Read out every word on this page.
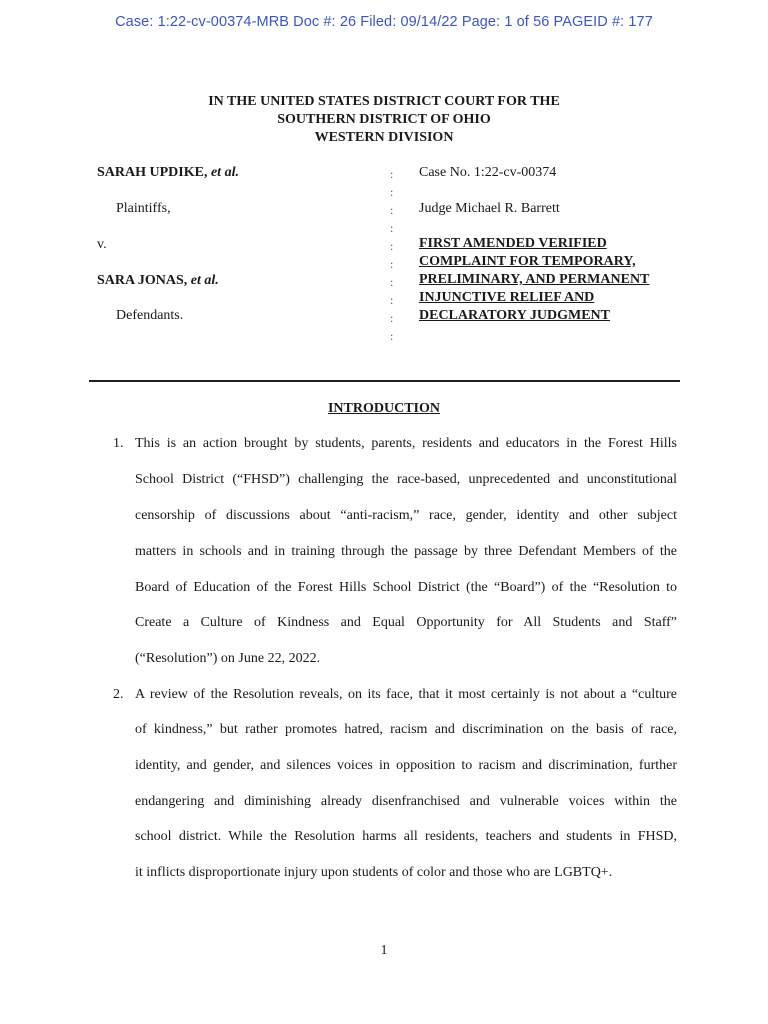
Case: 1:22-cv-00374-MRB Doc #: 26 Filed: 09/14/22 Page: 1 of 56 PAGEID #: 177
IN THE UNITED STATES DISTRICT COURT FOR THE
SOUTHERN DISTRICT OF OHIO
WESTERN DIVISION
SARAH UPDIKE, et al.
Plaintiffs,
v.
SARA JONAS, et al.
Defendants.
:
:
:
:
:
:
:
:
:
:
Case No. 1:22-cv-00374
Judge Michael R. Barrett
FIRST AMENDED VERIFIED
COMPLAINT FOR TEMPORARY,
PRELIMINARY, AND PERMANENT
INJUNCTIVE RELIEF AND
DECLARATORY JUDGMENT
INTRODUCTION
1. This is an action brought by students, parents, residents and educators in the Forest Hills
School District (“FHSD”) challenging the race-based, unprecedented and unconstitutional
censorship of discussions about “anti-racism,” race, gender, identity and other subject
matters in schools and in training through the passage by three Defendant Members of the
Board of Education of the Forest Hills School District (the “Board”) of the “Resolution to
Create a Culture of Kindness and Equal Opportunity for All Students and Staff”
(“Resolution”) on June 22, 2022.
2. A review of the Resolution reveals, on its face, that it most certainly is not about a “culture
of kindness,” but rather promotes hatred, racism and discrimination on the basis of race,
identity, and gender, and silences voices in opposition to racism and discrimination, further
endangering and diminishing already disenfranchised and vulnerable voices within the
school district. While the Resolution harms all residents, teachers and students in FHSD,
it inflicts disproportionate injury upon students of color and those who are LGBTQ+.
1
